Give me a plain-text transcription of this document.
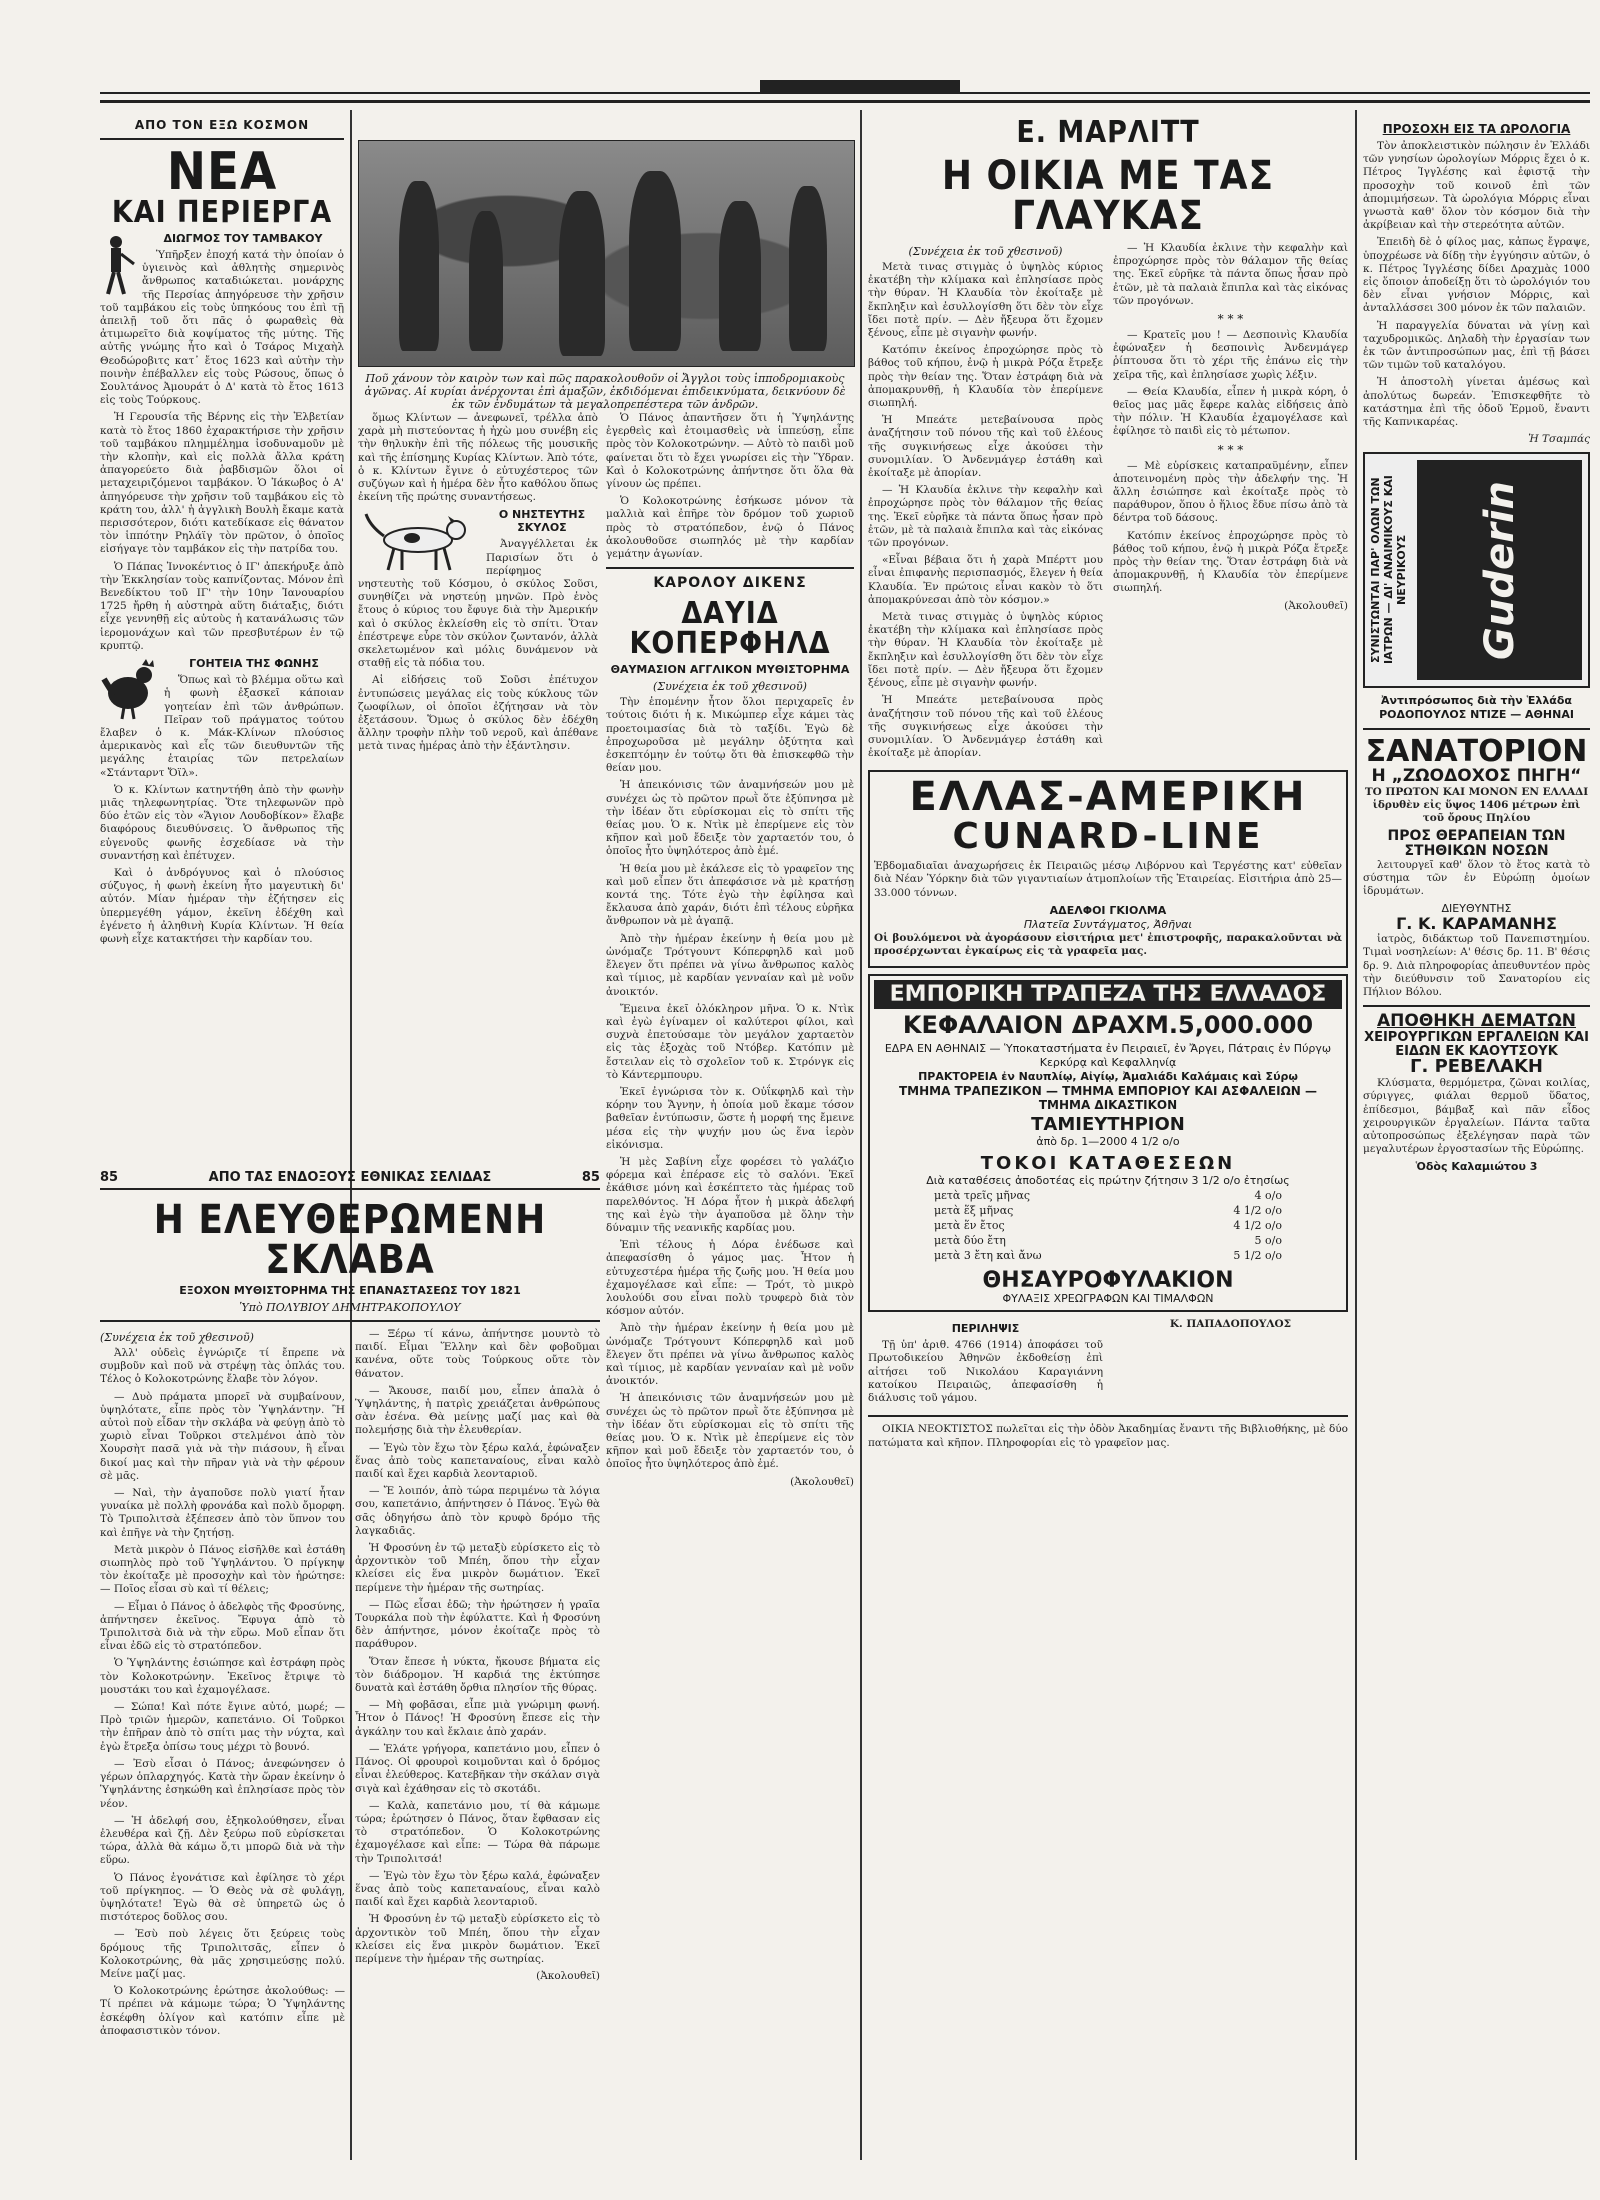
ΑΠΟ ΤΟΝ ΕΞΩ ΚΟΣΜΟΝ
ΝΕΑ
ΚΑΙ ΠΕΡΙΕΡΓΑ
ΔΙΩΓΜΟΣ ΤΟΥ ΤΑΜΒΑΚΟΥ

Ὑπῆρξεν ἐποχή κατά τὴν ὁποίαν ὁ ὑγιεινὸς καὶ ἀθλητὴς σημερινὸς ἄνθρωπος καταδιώκεται. μονάρχης τῆς Περσίας ἀπηγόρευσε τὴν χρῆσιν τοῦ ταμβάκου εἰς τοὺς ὑπηκόους του ἐπὶ τῇ ἀπειλῇ τοῦ ὅτι πᾶς ὁ φωραθεὶς θὰ ἀτιμωρεῖτο διὰ κοψίματος τῆς μύτης. Τῆς αὐτῆς γνώμης ἦτο καὶ ὁ Τσάρος Μιχαὴλ Θεοδώροβιτς κατ᾽ ἔτος 1623 καὶ αὐτὴν τὴν ποινὴν ἐπέβαλλεν εἰς τοὺς Ρώσους, ὅπως ὁ Σουλτάνος Ἀμουράτ ὁ Δ' κατὰ τὸ ἔτος 1613 εἰς τοὺς Τούρκους.

Ἡ Γερουσία τῆς Βέρνης εἰς τὴν Ἑλβετίαν κατὰ τὸ ἔτος 1860 ἐχαρακτήρισε τὴν χρῆσιν τοῦ ταμβάκου πλημμέλημα ἰσοδυναμοῦν μὲ τὴν κλοπὴν, καὶ εἰς πολλὰ ἄλλα κράτη ἀπαγορεύετο διὰ ῥαβδισμῶν ὅλοι οἱ μεταχειριζόμενοι ταμβάκον. Ὁ Ἰάκωβος ὁ Α' ἀπηγόρευσε τὴν χρῆσιν τοῦ ταμβάκου εἰς τὸ κράτη του, ἀλλ' ἡ ἀγγλικὴ Βουλὴ ἔκαμε κατὰ περισσότερον, διότι κατεδίκασε εἰς θάνατον τὸν ἱππότην Ρηλάϊγ τὸν πρῶτον, ὁ ὁποῖος εἰσήγαγε τὸν ταμβάκον εἰς τὴν πατρίδα του.

Ὁ Πάπας Ἰννοκέντιος ὁ ΙΓ' ἀπεκήρυξε ἀπὸ τὴν Ἐκκλησίαν τοὺς καπνίζοντας. Μόνον ἐπὶ Βενεδίκτου τοῦ ΙΓ' τὴν 10ην Ἰανουαρίου 1725 ἤρθη ἡ αὐστηρὰ αὕτη διάταξις, διότι εἶχε γεννηθῇ εἰς αὐτοὺς ἡ κατανάλωσις τῶν ἱερομονάχων καὶ τῶν πρεσβυτέρων ἐν τῷ κρυπτῷ.

ΓΟΗΤΕΙΑ ΤΗΣ ΦΩΝΗΣ

Ὅπως καὶ τὸ βλέμμα οὕτω καὶ ἡ φωνὴ ἐξασκεῖ κάποιαν γοητείαν ἐπὶ τῶν ἀνθρώπων. Πεῖραν τοῦ πράγματος τούτου ἔλαβεν ὁ κ. Μάκ-Κλίνων πλούσιος ἀμερικανὸς καὶ εἷς τῶν διευθυντῶν τῆς μεγάλης ἑταιρίας τῶν πετρελαίων «Στάνταρντ Ὄϊλ».

Ὁ κ. Κλίντων κατηντήθη ἀπὸ τὴν φωνὴν μιᾶς τηλεφωνητρίας. Ὅτε τηλεφωνῶν πρὸ δύο ἐτῶν εἰς τὸν «Ἅγιον Λουδοβίκον» ἔλαβε διαφόρους διευθύνσεις. Ὁ ἄνθρωπος τῆς εὐγενοῦς φωνῆς ἐσχεδίασε νὰ τὴν συναντήσῃ καὶ ἐπέτυχεν.

Καὶ ὁ ἀνδρόγυνος καὶ ὁ πλούσιος σύζυγος, ἡ φωνὴ ἐκείνη ἦτο μαγευτικὴ δι' αὐτόν. Μίαν ἡμέραν τὴν ἐζήτησεν εἰς ὑπερμεγέθη γάμον, ἐκεῖνη ἐδέχθη καὶ ἐγένετο ἡ ἀληθινὴ Κυρία Κλίντων. Ἡ θεία φωνὴ εἶχε κατακτήσει τὴν καρδίαν του.

Ποῦ χάνουν τὸν καιρὸν των καὶ πῶς παρακολουθοῦν οἱ Ἄγγλοι τοὺς ἱπποδρομιακοὺς ἀγῶνας. Αἱ κυρίαι ἀνέρχονται ἐπὶ ἁμαξῶν, ἐκδιδόμεναι ἐπιδεικνύματα, δεικνύουν δὲ ἐκ τῶν ἐνδυμάτων τὰ μεγαλοπρεπέστερα τῶν ἀνδρῶν.

ὅμως Κλίντων — ἀνεφωνεῖ, τρέλλα ἀπὸ χαρὰ μὴ πιστεύοντας ἡ ἠχὼ μου συνέβη εἰς τὴν θηλυκὴν ἐπὶ τῆς πόλεως τῆς μουσικῆς καὶ τῆς ἐπίσημης Κυρίας Κλίντων. Ἀπὸ τότε, ὁ κ. Κλίντων ἔγινε ὁ εὐτυχέστερος τῶν συζύγων καὶ ἡ ἡμέρα δὲν ἦτο καθόλου ὅπως ἐκείνη τῆς πρώτης συναντήσεως.

Ο ΝΗΣΤΕΥΤΗΣ ΣΚΥΛΟΣ

Ἀναγγέλλεται ἐκ Παρισίων ὅτι ὁ περίφημος νηστευτὴς τοῦ Κόσμου, ὁ σκύλος Σοῦσι, συνηθίζει νὰ νηστεύῃ μηνῶν. Πρὸ ἑνὸς ἔτους ὁ κύριος του ἔφυγε διὰ τὴν Ἀμερικήν καὶ ὁ σκύλος ἐκλείσθη εἰς τὸ σπίτι. Ὅταν ἐπέστρεψε εὗρε τὸν σκύλον ζωντανόν, ἀλλὰ σκελετωμένον καὶ μόλις δυνάμενον νὰ σταθῇ εἰς τὰ πόδια του.

Αἱ εἰδήσεις τοῦ Σοῦσι ἐπέτυχον ἐντυπώσεις μεγάλας εἰς τοὺς κύκλους τῶν ζωοφίλων, οἱ ὁποῖοι ἐζήτησαν νὰ τὸν ἐξετάσουν. Ὅμως ὁ σκύλος δὲν ἐδέχθη ἄλλην τροφὴν πλὴν τοῦ νεροῦ, καὶ ἀπέθανε μετὰ τινας ἡμέρας ἀπὸ τὴν ἐξάντλησιν.

Ὁ Πάνος ἀπαντῆσεν ὅτι ἡ Ὑψηλάντης ἐγερθεὶς καὶ ἐτοιμασθεὶς νὰ ἱππεύσῃ, εἶπε πρὸς τὸν Κολοκοτρώνην. — Αὐτὸ τὸ παιδὶ μοῦ φαίνεται ὅτι τὸ ἔχει γνωρίσει εἰς τὴν Ὕδραν. Καὶ ὁ Κολοκοτρώνης ἀπήντησε ὅτι ὅλα θὰ γίνουν ὡς πρέπει.

Ὁ Κολοκοτρώνης ἐσήκωσε μόνον τὰ μαλλιὰ καὶ ἐπῆρε τὸν δρόμον τοῦ χωριοῦ πρὸς τὸ στρατόπεδον, ἐνῷ ὁ Πάνος ἀκολουθοῦσε σιωπηλός μὲ τὴν καρδίαν γεμάτην ἀγωνίαν.

ΚΑΡΟΛΟΥ ΔΙΚΕΝΣ
ΔΑΥΙΔ ΚΟΠΕΡΦΗΛΔ
ΘΑΥΜΑΣΙΟΝ ΑΓΓΛΙΚΟΝ ΜΥΘΙΣΤΟΡΗΜΑ
(Συνέχεια ἐκ τοῦ χθεσινοῦ)

Τὴν ἑπομένην ἦτον ὅλοι περιχαρεῖς ἐν τούτοις διότι ἡ κ. Μικώμπερ εἶχε κάμει τὰς προετοιμασίας διὰ τὸ ταξίδι. Ἐγὼ δὲ ἐπροχωροῦσα μὲ μεγάλην ὀξύτητα καὶ ἐσκεπτόμην ἐν τούτῳ ὅτι θὰ ἐπισκεφθῶ τὴν θείαν μου.

Ἡ ἀπεικόνισις τῶν ἀναμνήσεών μου μὲ συνέχει ὡς τὸ πρῶτον πρωῒ ὅτε ἐξύπνησα μὲ τὴν ἰδέαν ὅτι εὑρίσκομαι εἰς τὸ σπίτι τῆς θείας μου. Ὁ κ. Ντὶκ μὲ ἐπερίμενε εἰς τὸν κῆπον καὶ μοῦ ἔδειξε τὸν χαρταετόν του, ὁ ὁποῖος ἦτο ὑψηλότερος ἀπὸ ἐμέ.

Ἡ θεία μου μὲ ἐκάλεσε εἰς τὸ γραφεῖον της καὶ μοῦ εἶπεν ὅτι ἀπεφάσισε νὰ μὲ κρατήσῃ κοντά της. Τότε ἐγὼ τὴν ἐφίλησα καὶ ἔκλαυσα ἀπὸ χαράν, διότι ἐπὶ τέλους εὑρῆκα ἄνθρωπον νὰ μὲ ἀγαπᾷ.

Ἀπὸ τὴν ἡμέραν ἐκείνην ἡ θεία μου μὲ ὠνόμαζε Τρότγουντ Κόπερφηλδ καὶ μοῦ ἔλεγεν ὅτι πρέπει νὰ γίνω ἄνθρωπος καλὸς καὶ τίμιος, μὲ καρδίαν γενναίαν καὶ μὲ νοῦν ἀνοικτόν.

Ἔμεινα ἐκεῖ ὁλόκληρον μῆνα. Ὁ κ. Ντὶκ καὶ ἐγὼ ἐγίναμεν οἱ καλύτεροι φίλοι, καὶ συχνὰ ἐπετούσαμε τὸν μεγάλον χαρταετὸν εἰς τὰς ἐξοχὰς τοῦ Ντόβερ. Κατόπιν μὲ ἔστειλαν εἰς τὸ σχολεῖον τοῦ κ. Στρόνγκ εἰς τὸ Κάντερμπουρυ.

Ἐκεῖ ἐγνώρισα τὸν κ. Οὐΐκφηλδ καὶ τὴν κόρην του Ἄγνην, ἡ ὁποία μοῦ ἔκαμε τόσον βαθεῖαν ἐντύπωσιν, ὥστε ἡ μορφή της ἔμεινε μέσα εἰς τὴν ψυχήν μου ὡς ἕνα ἱερὸν εἰκόνισμα.

Ἡ μὲς Σαβίνη εἶχε φορέσει τὸ γαλάζιο φόρεμα καὶ ἐπέρασε εἰς τὸ σαλόνι. Ἐκεῖ ἐκάθισε μόνη καὶ ἐσκέπτετο τὰς ἡμέρας τοῦ παρελθόντος. Ἡ Δόρα ἦτον ἡ μικρὰ ἀδελφή της καὶ ἐγὼ τὴν ἀγαποῦσα μὲ ὅλην τὴν δύναμιν τῆς νεανικῆς καρδίας μου.

Ἐπὶ τέλους ἡ Δόρα ἐνέδωσε καὶ ἀπεφασίσθη ὁ γάμος μας. Ἦτον ἡ εὐτυχεστέρα ἡμέρα τῆς ζωῆς μου. Ἡ θεία μου ἐχαμογέλασε καὶ εἶπε: — Τρότ, τὸ μικρὸ λουλούδι σου εἶναι πολὺ τρυφερὸ διὰ τὸν κόσμον αὐτόν.

Ἀπὸ τὴν ἡμέραν ἐκείνην ἡ θεία μου μὲ ὠνόμαζε Τρότγουντ Κόπερφηλδ καὶ μοῦ ἔλεγεν ὅτι πρέπει νὰ γίνω ἄνθρωπος καλὸς καὶ τίμιος, μὲ καρδίαν γενναίαν καὶ μὲ νοῦν ἀνοικτόν.

Ἡ ἀπεικόνισις τῶν ἀναμνήσεών μου μὲ συνέχει ὡς τὸ πρῶτον πρωῒ ὅτε ἐξύπνησα μὲ τὴν ἰδέαν ὅτι εὑρίσκομαι εἰς τὸ σπίτι τῆς θείας μου. Ὁ κ. Ντὶκ μὲ ἐπερίμενε εἰς τὸν κῆπον καὶ μοῦ ἔδειξε τὸν χαρταετόν του, ὁ ὁποῖος ἦτο ὑψηλότερος ἀπὸ ἐμέ.

(Ἀκολουθεῖ)

85	ΑΠΟ ΤΑΣ ΕΝΔΟΞΟΥΣ ΕΘΝΙΚΑΣ ΣΕΛΙΔΑΣ	85
Η ΕΛΕΥΘΕΡΩΜΕΝΗ ΣΚΛΑΒΑ
ΕΞΟΧΟΝ ΜΥΘΙΣΤΟΡΗΜΑ ΤΗΣ ΕΠΑΝΑΣΤΑΣΕΩΣ ΤΟΥ 1821
Ὑπὸ ΠΟΛΥΒΙΟΥ ΔΗΜΗΤΡΑΚΟΠΟΥΛΟΥ
(Συνέχεια ἐκ τοῦ χθεσινοῦ)

Ἀλλ' οὐδεὶς ἐγνώριζε τί ἔπρεπε νὰ συμβοῦν καὶ ποῦ νὰ στρέψῃ τὰς ὁπλάς του. Τέλος ὁ Κολοκοτρώνης ἔλαβε τὸν λόγον.

— Δυὸ πράματα μπορεῖ νὰ συμβαίνουν, ὑψηλότατε, εἶπε πρὸς τὸν Ὑψηλάντην. Ἢ αὐτοὶ ποὺ εἶδαν τὴν σκλάβα νὰ φεύγῃ ἀπὸ τὸ χωριὸ εἶναι Τοῦρκοι στελμένοι ἀπὸ τὸν Χουρσὴτ πασᾶ γιὰ νὰ τὴν πιάσουν, ἢ εἶναι δικοί μας καὶ τὴν πῆραν γιὰ νὰ τὴν φέρουν σὲ μᾶς.

— Ναὶ, τὴν ἀγαποῦσε πολὺ γιατί ἦταν γυναίκα μὲ πολλὴ φρονάδα καὶ πολὺ ὄμορφη. Τὸ Τριπολιτσὰ ἐξέπεσεν ἀπὸ τὸν ὕπνον του καὶ ἐπῆγε νὰ τὴν ζητήσῃ.

Μετὰ μικρὸν ὁ Πάνος εἰσῆλθε καὶ ἐστάθη σιωπηλὸς πρὸ τοῦ Ὑψηλάντου. Ὁ πρίγκηψ τὸν ἐκοίταξε μὲ προσοχὴν καὶ τὸν ἠρώτησε: — Ποῖος εἶσαι σὺ καὶ τί θέλεις;

— Εἶμαι ὁ Πάνος ὁ ἀδελφὸς τῆς Φροσύνης, ἀπήντησεν ἐκεῖνος. Ἔφυγα ἀπὸ τὸ Τριπολιτσὰ διὰ νὰ τὴν εὕρω. Μοῦ εἶπαν ὅτι εἶναι ἐδῶ εἰς τὸ στρατόπεδον.

Ὁ Ὑψηλάντης ἐσιώπησε καὶ ἐστράφη πρὸς τὸν Κολοκοτρώνην. Ἐκεῖνος ἔτριψε τὸ μουστάκι του καὶ ἐχαμογέλασε.

— Σώπα! Καὶ πότε ἔγινε αὐτό, μωρέ; — Πρὸ τριῶν ἡμερῶν, καπετάνιο. Οἱ Τοῦρκοι τὴν ἐπῆραν ἀπὸ τὸ σπίτι μας τὴν νύχτα, καὶ ἐγὼ ἔτρεξα ὀπίσω τους μέχρι τὸ βουνό.

— Ἐσὺ εἶσαι ὁ Πάνος; ἀνεφώνησεν ὁ γέρων ὁπλαρχηγός. Κατὰ τὴν ὥραν ἐκείνην ὁ Ὑψηλάντης ἐσηκώθη καὶ ἐπλησίασε πρὸς τὸν νέον.

— Ἡ ἀδελφή σου, ἐξηκολούθησεν, εἶναι ἐλευθέρα καὶ ζῇ. Δὲν ξεύρω ποῦ εὑρίσκεται τώρα, ἀλλὰ θὰ κάμω ὅ,τι μπορῶ διὰ νὰ τὴν εὕρω.

Ὁ Πάνος ἐγονάτισε καὶ ἐφίλησε τὸ χέρι τοῦ πρίγκηπος. — Ὁ Θεὸς νὰ σὲ φυλάγῃ, ὑψηλότατε! Ἐγὼ θὰ σὲ ὑπηρετῶ ὡς ὁ πιστότερος δοῦλος σου.

— Ἐσὺ ποὺ λέγεις ὅτι ξεύρεις τοὺς δρόμους τῆς Τριπολιτσᾶς, εἶπεν ὁ Κολοκοτρώνης, θὰ μᾶς χρησιμεύσῃς πολύ. Μείνε μαζί μας.

Ὁ Κολοκοτρώνης ἐρώτησε ἀκολούθως: — Τί πρέπει νὰ κάμωμε τώρα; Ὁ Ὑψηλάντης ἐσκέφθη ὀλίγον καὶ κατόπιν εἶπε μὲ ἀποφασιστικὸν τόνον.

— Ξέρω τί κάνω, ἀπήντησε μουντὸ τὸ παιδί. Εἶμαι Ἕλλην καὶ δὲν φοβοῦμαι κανένα, οὔτε τοὺς Τούρκους οὔτε τὸν θάνατον.

— Ἄκουσε, παιδί μου, εἶπεν ἀπαλὰ ὁ Ὑψηλάντης, ἡ πατρὶς χρειάζεται ἀνθρώπους σὰν ἐσένα. Θὰ μείνῃς μαζί μας καὶ θὰ πολεμήσῃς διὰ τὴν ἐλευθερίαν.

— Ἐγὼ τὸν ἔχω τὸν ξέρω καλά, ἐφώναξεν ἕνας ἀπὸ τοὺς καπεταναίους, εἶναι καλὸ παιδί καὶ ἔχει καρδιὰ λεονταριοῦ.

— Ἔ λοιπόν, ἀπὸ τώρα περιμένω τὰ λόγια σου, καπετάνιο, ἀπήντησεν ὁ Πάνος. Ἐγὼ θὰ σᾶς ὁδηγήσω ἀπὸ τὸν κρυφὸ δρόμο τῆς λαγκαδιᾶς.

Ἡ Φροσύνη ἐν τῷ μεταξὺ εὑρίσκετο εἰς τὸ ἀρχοντικὸν τοῦ Μπέη, ὅπου τὴν εἶχαν κλείσει εἰς ἕνα μικρὸν δωμάτιον. Ἐκεῖ περίμενε τὴν ἡμέραν τῆς σωτηρίας.

— Πῶς εἶσαι ἐδῶ; τὴν ἠρώτησεν ἡ γραῖα Τουρκάλα ποὺ τὴν ἐφύλαττε. Καὶ ἡ Φροσύνη δὲν ἀπήντησε, μόνον ἐκοίταζε πρὸς τὸ παράθυρον.

Ὅταν ἔπεσε ἡ νύκτα, ἤκουσε βήματα εἰς τὸν διάδρομον. Ἡ καρδιά της ἐκτύπησε δυνατὰ καὶ ἐστάθη ὄρθια πλησίον τῆς θύρας.

— Μὴ φοβᾶσαι, εἶπε μιὰ γνώριμη φωνή. Ἦτον ὁ Πάνος! Ἡ Φροσύνη ἔπεσε εἰς τὴν ἀγκάλην του καὶ ἔκλαιε ἀπὸ χαράν.

— Ἐλάτε γρήγορα, καπετάνιο μου, εἶπεν ὁ Πάνος. Οἱ φρουροὶ κοιμοῦνται καὶ ὁ δρόμος εἶναι ἐλεύθερος. Κατεβῆκαν τὴν σκάλαν σιγὰ σιγὰ καὶ ἐχάθησαν εἰς τὸ σκοτάδι.

— Καλὰ, καπετάνιο μου, τί θὰ κάμωμε τώρα; ἐρώτησεν ὁ Πάνος, ὅταν ἔφθασαν εἰς τὸ στρατόπεδον. Ὁ Κολοκοτρώνης ἐχαμογέλασε καὶ εἶπε: — Τώρα θὰ πάρωμε τὴν Τριπολιτσά!

— Ἐγὼ τὸν ἔχω τὸν ξέρω καλά, ἐφώναξεν ἕνας ἀπὸ τοὺς καπεταναίους, εἶναι καλὸ παιδί καὶ ἔχει καρδιὰ λεονταριοῦ.

Ἡ Φροσύνη ἐν τῷ μεταξὺ εὑρίσκετο εἰς τὸ ἀρχοντικὸν τοῦ Μπέη, ὅπου τὴν εἶχαν κλείσει εἰς ἕνα μικρὸν δωμάτιον. Ἐκεῖ περίμενε τὴν ἡμέραν τῆς σωτηρίας.

(Ἀκολουθεῖ)

Ε. ΜΑΡΛΙΤΤ
Η ΟΙΚΙΑ ΜΕ ΤΑΣ ΓΛΑΥΚΑΣ
(Συνέχεια ἐκ τοῦ χθεσινοῦ)

Μετὰ τινας στιγμὰς ὁ ὑψηλὸς κύριος ἐκατέβη τὴν κλίμακα καὶ ἐπλησίασε πρὸς τὴν θύραν. Ἡ Κλαυδία τὸν ἐκοίταξε μὲ ἔκπληξιν καὶ ἐσυλλογίσθη ὅτι δὲν τὸν εἶχε ἴδει ποτὲ πρίν. — Δὲν ἤξευρα ὅτι ἔχομεν ξένους, εἶπε μὲ σιγανὴν φωνήν.

Κατόπιν ἐκείνος ἐπροχώρησε πρὸς τὸ βάθος τοῦ κήπου, ἐνῷ ἡ μικρὰ Ρόζα ἔτρεξε πρὸς τὴν θείαν της. Ὅταν ἐστράφη διὰ νὰ ἀπομακρυνθῇ, ἡ Κλαυδία τὸν ἐπερίμενε σιωπηλή.

Ἡ Μπεάτε μετεβαίνουσα πρὸς ἀναζήτησιν τοῦ πόνου τῆς καὶ τοῦ ἐλέους τῆς συγκινήσεως εἶχε ἀκούσει τὴν συνομιλίαν. Ὁ Ἀνδενμάγερ ἐστάθη καὶ ἐκοίταξε μὲ ἀπορίαν.

— Ἡ Κλαυδία ἐκλινε τὴν κεφαλὴν καὶ ἐπροχώρησε πρὸς τὸν θάλαμον τῆς θείας της. Ἐκεῖ εὑρῆκε τὰ πάντα ὅπως ἦσαν πρὸ ἐτῶν, μὲ τὰ παλαιὰ ἔπιπλα καὶ τὰς εἰκόνας τῶν προγόνων.

«Εἶναι βέβαια ὅτι ἡ χαρὰ Μπέρττ μου εἶναι ἐπιφανὴς περισπασμός, ἔλεγεν ἡ θεία Κλαυδία. Ἐν πρώτοις εἶναι κακὸν τὸ ὅτι ἀπομακρύνεσαι ἀπὸ τὸν κόσμον.»

Μετὰ τινας στιγμὰς ὁ ὑψηλὸς κύριος ἐκατέβη τὴν κλίμακα καὶ ἐπλησίασε πρὸς τὴν θύραν. Ἡ Κλαυδία τὸν ἐκοίταξε μὲ ἔκπληξιν καὶ ἐσυλλογίσθη ὅτι δὲν τὸν εἶχε ἴδει ποτὲ πρίν. — Δὲν ἤξευρα ὅτι ἔχομεν ξένους, εἶπε μὲ σιγανὴν φωνήν.

Ἡ Μπεάτε μετεβαίνουσα πρὸς ἀναζήτησιν τοῦ πόνου τῆς καὶ τοῦ ἐλέους τῆς συγκινήσεως εἶχε ἀκούσει τὴν συνομιλίαν. Ὁ Ἀνδενμάγερ ἐστάθη καὶ ἐκοίταξε μὲ ἀπορίαν.

— Ἡ Κλαυδία ἐκλινε τὴν κεφαλὴν καὶ ἐπροχώρησε πρὸς τὸν θάλαμον τῆς θείας της. Ἐκεῖ εὑρῆκε τὰ πάντα ὅπως ἦσαν πρὸ ἐτῶν, μὲ τὰ παλαιὰ ἔπιπλα καὶ τὰς εἰκόνας τῶν προγόνων.

* * *

— Κρατεῖς μου ! — Δεσποινὶς Κλαυδία ἐφώναξεν ἡ δεσποινὶς Ἀνδενμάγερ ῥίπτουσα ὅτι τὸ χέρι τῆς ἐπάνω εἰς τὴν χεῖρα τῆς, καὶ ἐπλησίασε χωρὶς λέξιν.

— Θεία Κλαυδία, εἶπεν ἡ μικρὰ κόρη, ὁ θεῖος μας μᾶς ἔφερε καλὰς εἰδήσεις ἀπὸ τὴν πόλιν. Ἡ Κλαυδία ἐχαμογέλασε καὶ ἐφίλησε τὸ παιδὶ εἰς τὸ μέτωπον.

* * *

— Μὲ εὑρίσκεις καταπραϋμένην, εἶπεν ἀποτεινομένη πρὸς τὴν ἀδελφήν της. Ἡ ἄλλη ἐσιώπησε καὶ ἐκοίταξε πρὸς τὸ παράθυρον, ὅπου ὁ ἥλιος ἔδυε πίσω ἀπὸ τὰ δέντρα τοῦ δάσους.

Κατόπιν ἐκείνος ἐπροχώρησε πρὸς τὸ βάθος τοῦ κήπου, ἐνῷ ἡ μικρὰ Ρόζα ἔτρεξε πρὸς τὴν θείαν της. Ὅταν ἐστράφη διὰ νὰ ἀπομακρυνθῇ, ἡ Κλαυδία τὸν ἐπερίμενε σιωπηλή.

(Ἀκολουθεῖ)

ΕΛΛΑΣ-ΑΜΕΡΙΚΗ
CUNARD-LINE

Ἑβδομαδιαῖαι ἀναχωρήσεις ἐκ Πειραιῶς μέσῳ Λιβόρνου καὶ Τεργέστης κατ' εὐθεῖαν διὰ Νέαν Ὑόρκην διὰ τῶν γιγαντιαίων ἀτμοπλοίων τῆς Ἑταιρείας. Εἰσιτήρια ἀπὸ 25—33.000 τόννων.

ΑΔΕΛΦΟΙ ΓΚΙΟΛΜΑ
Πλατεῖα Συντάγματος, Ἀθῆναι

Οἱ βουλόμενοι νὰ ἀγοράσουν εἰσιτήρια μετ' ἐπιστροφῆς, παρακαλοῦνται νὰ προσέρχωνται ἐγκαίρως εἰς τὰ γραφεῖα μας.

ΕΜΠΟΡΙΚΗ ΤΡΑΠΕΖΑ ΤΗΣ ΕΛΛΑΔΟΣ
ΚΕΦΑΛΑΙΟΝ ΔΡΑΧΜ.5,000.000
ΕΔΡΑ ΕΝ ΑΘΗΝΑΙΣ — Ὑποκαταστήματα ἐν Πειραιεῖ, ἐν Ἄργει, Πάτραις ἐν Πύργῳ Κερκύρᾳ καὶ Κεφαλληνίᾳ
ΠΡΑΚΤΟΡΕΙΑ ἐν Ναυπλίῳ, Αἰγίῳ, Ἀμαλιάδι Καλάμαις καὶ Σύρῳ
ΤΜΗΜΑ ΤΡΑΠΕΖΙΚΟΝ — ΤΜΗΜΑ ΕΜΠΟΡΙΟΥ ΚΑΙ ΑΣΦΑΛΕΙΩΝ — ΤΜΗΜΑ ΔΙΚΑΣΤΙΚΟΝ
ΤΑΜΙΕΥΤΗΡΙΟΝ
ἀπὸ δρ. 1—2000 4 1/2 ο/ο
ΤΟΚΟΙ ΚΑΤΑΘΕΣΕΩΝ
Διὰ καταθέσεις ἀποδοτέας εἰς πρώτην ζήτησιν 3 1/2 ο/ο ἐτησίως
μετὰ τρεῖς μῆνας	4 ο/ο
μετὰ ἕξ μῆνας	4 1/2 ο/ο
μετὰ ἕν ἔτος	4 1/2 ο/ο
μετὰ δύο ἔτη	5 ο/ο
μετὰ 3 ἔτη καὶ ἄνω	5 1/2 ο/ο
ΘΗΣΑΥΡΟΦΥΛΑΚΙΟΝ
ΦΥΛΑΞΙΣ ΧΡΕΩΓΡΑΦΩΝ ΚΑΙ ΤΙΜΑΛΦΩΝ
ΠΕΡΙΛΗΨΙΣ

Τῇ ὑπ' ἀριθ. 4766 (1914) ἀποφάσει τοῦ Πρωτοδικείου Ἀθηνῶν ἐκδοθείσῃ ἐπὶ αἰτήσει τοῦ Νικολάου Καραγιάννη κατοίκου Πειραιῶς, ἀπεφασίσθη ἡ διάλυσις τοῦ γάμου.

Κ. ΠΑΠΑΔΟΠΟΥΛΟΣ

ΟΙΚΙΑ ΝΕΟΚΤΙΣΤΟΣ πωλεῖται εἰς τὴν ὁδὸν Ἀκαδημίας ἔναντι τῆς Βιβλιοθήκης, μὲ δύο πατώματα καὶ κῆπον. Πληροφορίαι εἰς τὸ γραφεῖον μας.

ΠΡΟΣΟΧΗ ΕΙΣ ΤΑ ΩΡΟΛΟΓΙΑ

Τὸν ἀποκλειστικὸν πώλησιν ἐν Ἑλλάδι τῶν γνησίων ὡρολογίων Μόρρις ἔχει ὁ κ. Πέτρος Ἰγγλέσης καὶ ἐφιστᾷ τὴν προσοχὴν τοῦ κοινοῦ ἐπὶ τῶν ἀπομιμήσεων. Τὰ ὡρολόγια Μόρρις εἶναι γνωστὰ καθ' ὅλον τὸν κόσμον διὰ τὴν ἀκρίβειαν καὶ τὴν στερεότητα αὐτῶν.

Ἐπειδὴ δὲ ὁ φίλος μας, κἀπως ἔγραψε, ὑποχρέωσε νὰ δίδῃ τὴν ἐγγύησιν αὐτῶν, ὁ κ. Πέτρος Ἰγγλέσης δίδει Δραχμὰς 1000 εἰς ὅποιον ἀποδείξῃ ὅτι τὸ ὡρολόγιόν του δὲν εἶναι γνήσιον Μόρρις, καὶ ἀνταλλάσσει 300 μόνον ἐκ τῶν παλαιῶν.

Ἡ παραγγελία δύναται νὰ γίνῃ καὶ ταχυδρομικῶς. Δηλαδὴ τὴν ἐργασίαν των ἐκ τῶν ἀντιπροσώπων μας, ἐπὶ τῇ βάσει τῶν τιμῶν τοῦ καταλόγου.

Ἡ ἀποστολὴ γίνεται ἀμέσως καὶ ἀπολύτως δωρεάν. Ἐπισκεφθῆτε τὸ κατάστημα ἐπὶ τῆς ὁδοῦ Ἑρμοῦ, ἔναντι τῆς Καπνικαρέας.

Ἡ Τσαμπάς

ΣΥΝΙΣΤΩΝΤΑΙ ΠΑΡ' ΟΛΩΝ ΤΩΝ ΙΑΤΡΩΝ — ΔΙ' ΑΝΑΙΜΙΚΟΥΣ ΚΑΙ ΝΕΥΡΙΚΟΥΣ Guderin
Ἀντιπρόσωπος διὰ τὴν Ἑλλάδα ΡΟΔΟΠΟΥΛΟΣ ΝΤΙΖΕ — ΑΘΗΝΑΙ
ΣΑΝΑΤΟΡΙΟΝ
Η „ΖΩΟΔΟΧΟΣ ΠΗΓΗ“

ΤΟ ΠΡΩΤΟΝ ΚΑΙ ΜΟΝΟΝ ΕΝ ΕΛΛΑΔΙ ἱδρυθὲν εἰς ὕψος 1406 μέτρων ἐπὶ τοῦ ὄρους Πηλίου

ΠΡΟΣ ΘΕΡΑΠΕΙΑΝ ΤΩΝ ΣΤΗΘΙΚΩΝ ΝΟΣΩΝ

λειτουργεῖ καθ' ὅλον τὸ ἔτος κατὰ τὸ σύστημα τῶν ἐν Εὐρώπῃ ὁμοίων ἱδρυμάτων.

ΔΙΕΥΘΥΝΤΗΣ
Γ. Κ. ΚΑΡΑΜΑΝΗΣ

ἰατρὸς, διδάκτωρ τοῦ Πανεπιστημίου. Τιμαὶ νοσηλείων: Α' θέσις δρ. 11. Β' θέσις δρ. 9. Διὰ πληροφορίας ἀπευθυντέον πρὸς τὴν διεύθυνσιν τοῦ Σανατορίου εἰς Πήλιον Βόλου.

ΑΠΟΘΗΚΗ ΔΕΜΑΤΩΝ
ΧΕΙΡΟΥΡΓΙΚΩΝ ΕΡΓΑΛΕΙΩΝ ΚΑΙ ΕΙΔΩΝ ΕΚ ΚΑΟΥΤΣΟΥΚ
Γ. ΡΕΒΕΛΑΚΗ

Κλύσματα, θερμόμετρα, ζῶναι κοιλίας, σύριγγες, φιάλαι θερμοῦ ὕδατος, ἐπίδεσμοι, βάμβαξ καὶ πᾶν εἶδος χειρουργικῶν ἐργαλείων. Πάντα ταῦτα αὐτοπροσώπως ἐξελέγησαν παρὰ τῶν μεγαλυτέρων ἐργοστασίων τῆς Εὐρώπης.

Ὁδὸς Καλαμιώτου 3
